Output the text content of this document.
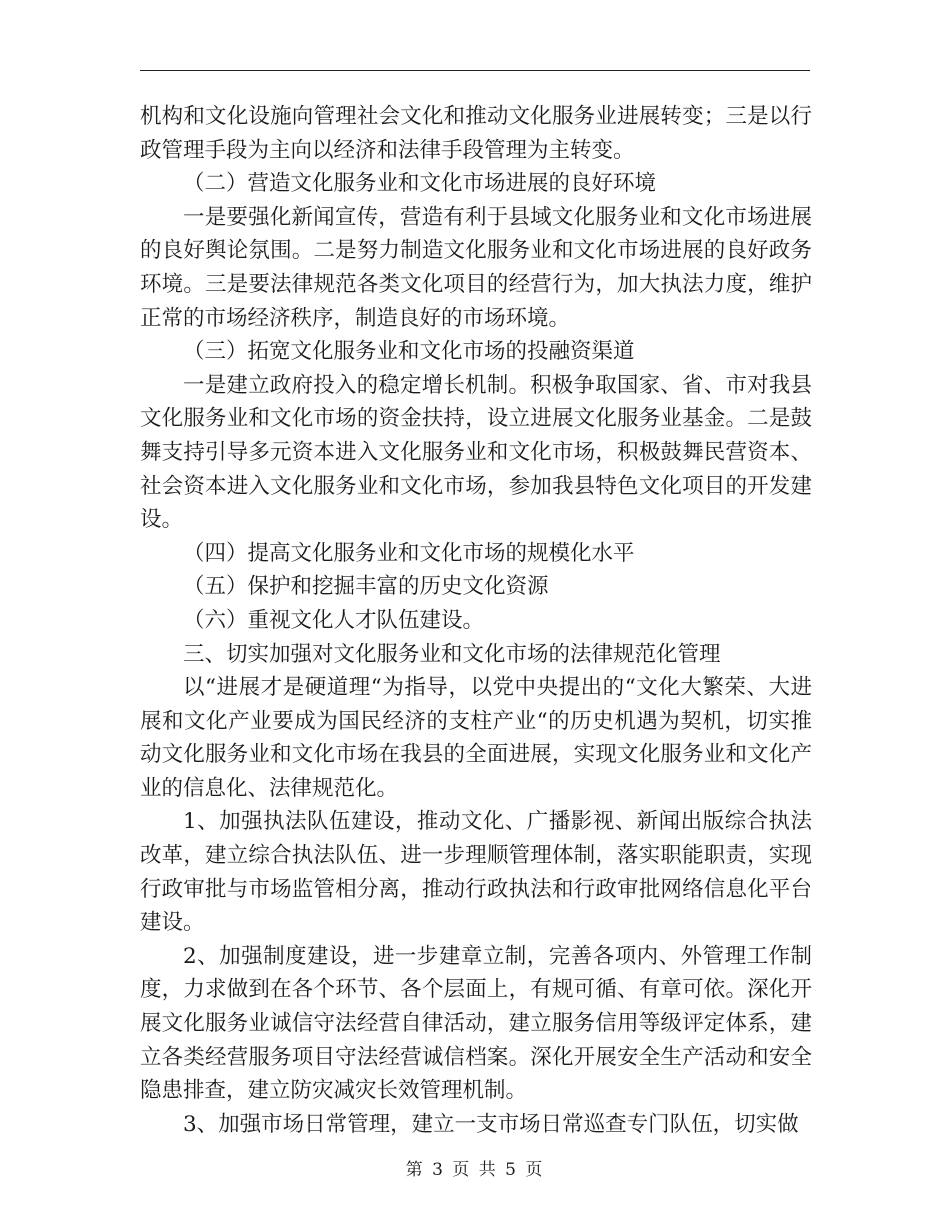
机构和文化设施向管理社会文化和推动文化服务业进展转变；三是以行政管理手段为主向以经济和法律手段管理为主转变。

（二）营造文化服务业和文化市场进展的良好环境

一是要强化新闻宣传，营造有利于县域文化服务业和文化市场进展的良好舆论氛围。二是努力制造文化服务业和文化市场进展的良好政务环境。三是要法律规范各类文化项目的经营行为，加大执法力度，维护正常的市场经济秩序，制造良好的市场环境。

（三）拓宽文化服务业和文化市场的投融资渠道

一是建立政府投入的稳定增长机制。积极争取国家、省、市对我县文化服务业和文化市场的资金扶持，设立进展文化服务业基金。二是鼓舞支持引导多元资本进入文化服务业和文化市场，积极鼓舞民营资本、社会资本进入文化服务业和文化市场，参加我县特色文化项目的开发建设。

（四）提高文化服务业和文化市场的规模化水平

（五）保护和挖掘丰富的历史文化资源

（六）重视文化人才队伍建设。

三、切实加强对文化服务业和文化市场的法律规范化管理

以“进展才是硬道理“为指导，以党中央提出的“文化大繁荣、大进展和文化产业要成为国民经济的支柱产业“的历史机遇为契机，切实推动文化服务业和文化市场在我县的全面进展，实现文化服务业和文化产业的信息化、法律规范化。

1、加强执法队伍建设，推动文化、广播影视、新闻出版综合执法改革，建立综合执法队伍、进一步理顺管理体制，落实职能职责，实现行政审批与市场监管相分离，推动行政执法和行政审批网络信息化平台建设。

2、加强制度建设，进一步建章立制，完善各项内、外管理工作制度，力求做到在各个环节、各个层面上，有规可循、有章可依。深化开展文化服务业诚信守法经营自律活动，建立服务信用等级评定体系，建立各类经营服务项目守法经营诚信档案。深化开展安全生产活动和安全隐患排查，建立防灾减灾长效管理机制。

3、加强市场日常管理，建立一支市场日常巡查专门队伍，切实做

第 3 页 共 5 页
